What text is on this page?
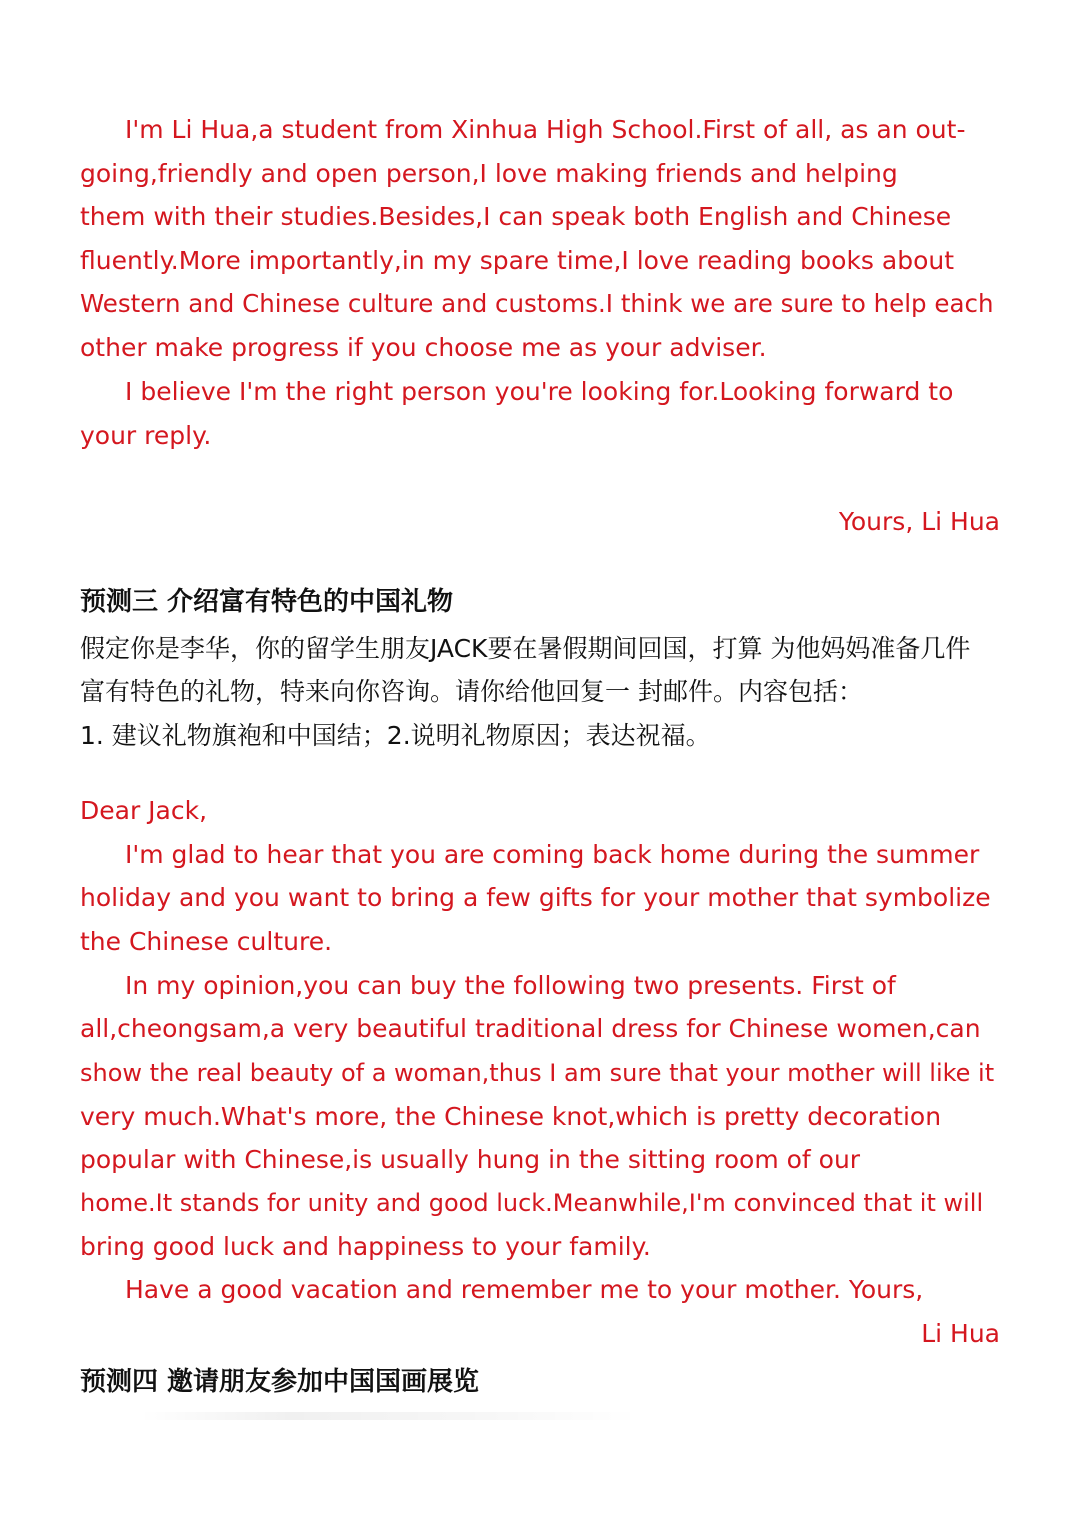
I'm Li Hua,a student from Xinhua High School.First of all, as an out-
going,friendly and open person,I love making friends and helping
them with their studies.Besides,I can speak both English and Chinese
fluently.More importantly,in my spare time,I love reading books about
Western and Chinese culture and customs.I think we are sure to help each
other make progress if you choose me as your adviser.
I believe I'm the right person you're looking for.Looking forward to
your reply.
Yours, Li Hua
预测三 介绍富有特色的中国礼物
假定你是李华，你的留学生朋友JACK要在暑假期间回国，打算 为他妈妈准备几件
富有特色的礼物，特来向你咨询。请你给他回复一 封邮件。内容包括：
1. 建议礼物旗袍和中国结；2.说明礼物原因；表达祝福。
Dear Jack,
I'm glad to hear that you are coming back home during the summer
holiday and you want to bring a few gifts for your mother that symbolize
the Chinese culture.
In my opinion,you can buy the following two presents. First of
all,cheongsam,a very beautiful traditional dress for Chinese women,can
show the real beauty of a woman,thus I am sure that your mother will like it
very much.What's more, the Chinese knot,which is pretty decoration
popular with Chinese,is usually hung in the sitting room of our
home.It stands for unity and good luck.Meanwhile,I'm convinced that it will
bring good luck and happiness to your family.
Have a good vacation and remember me to your mother. Yours,
Li Hua
预测四 邀请朋友参加中国国画展览
